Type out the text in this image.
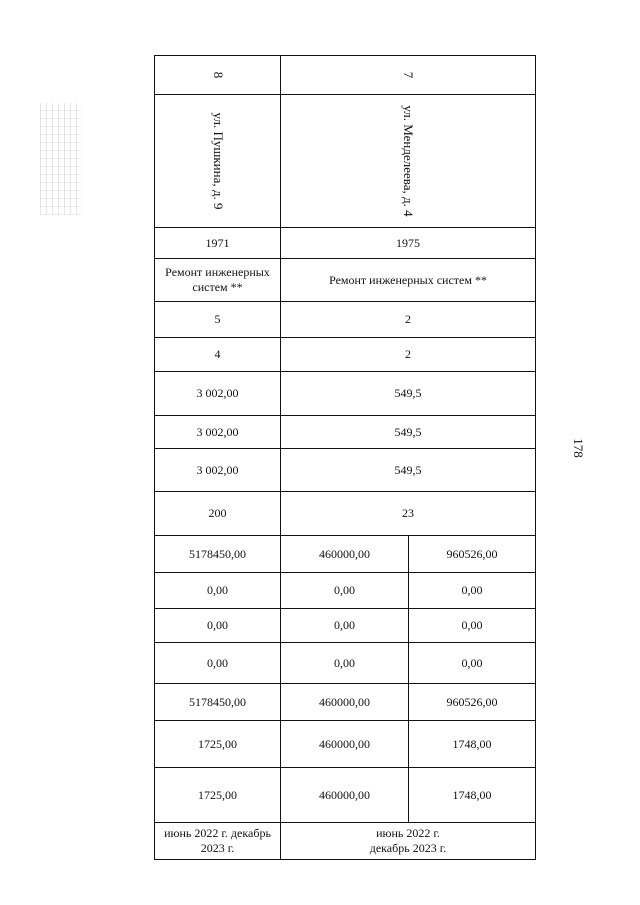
178
8	7	

ул. Пушкина, д. 9	ул. Менделеева, д. 4	

1971	1975	
Ремонт инженерных систем **	Ремонт инженерных систем **	
5	2	
4	2	
3 002,00	549,5	
3 002,00	549,5	
3 002,00	549,5	
200	23	
5178450,00	460000,00	960526,00
0,00	0,00	0,00
0,00	0,00	0,00
0,00	0,00	0,00
5178450,00	460000,00	960526,00
1725,00	460000,00	1748,00
1725,00	460000,00	1748,00
июнь 2022 г. декабрь 2023 г.	июнь 2022 г. декабрь 2023 г.	
